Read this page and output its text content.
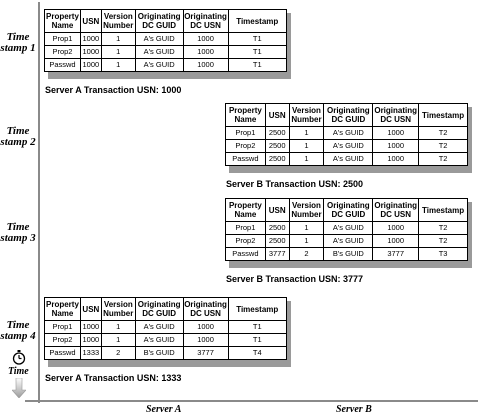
Time stamp 1
Time stamp 2
Time stamp 3
Time stamp 4
Time
Property Name	USN	Version Number	Originating DC GUID	Originating DC USN	Timestamp
Prop1	1000	1	A's GUID	1000	T1
Prop2	1000	1	A's GUID	1000	T1
Passwd	1000	1	A's GUID	1000	T1
Server A Transaction USN: 1000
Property Name	USN	Version Number	Originating DC GUID	Originating DC USN	Timestamp
Prop1	2500	1	A's GUID	1000	T2
Prop2	2500	1	A's GUID	1000	T2
Passwd	2500	1	A's GUID	1000	T2
Server B Transaction USN: 2500
Property Name	USN	Version Number	Originating DC GUID	Originating DC USN	Timestamp
Prop1	2500	1	A's GUID	1000	T2
Prop2	2500	1	A's GUID	1000	T2
Passwd	3777	2	B's GUID	3777	T3
Server B Transaction USN: 3777
Property Name	USN	Version Number	Originating DC GUID	Originating DC USN	Timestamp
Prop1	1000	1	A's GUID	1000	T1
Prop2	1000	1	A's GUID	1000	T1
Passwd	1333	2	B's GUID	3777	T4
Server A Transaction USN: 1333
Server A	Server B
